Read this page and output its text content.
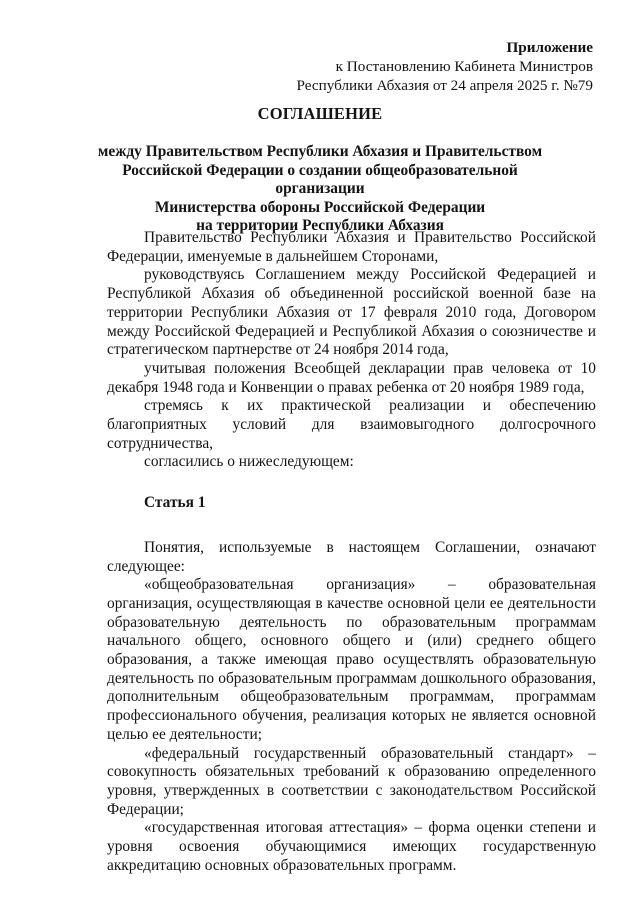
Приложение
к Постановлению Кабинета Министров
Республики Абхазия от 24 апреля 2025 г. №79
СОГЛАШЕНИЕ
между Правительством Республики Абхазия и Правительством
Российской Федерации о создании общеобразовательной организации
Министерства обороны Российской Федерации
на территории Республики Абхазия

Правительство Республики Абхазия и Правительство Российской Федерации, именуемые в дальнейшем Сторонами,

руководствуясь Соглашением между Российской Федерацией и Республикой Абхазия об объединенной российской военной базе на территории Республики Абхазия от 17 февраля 2010 года, Договором между Российской Федерацией и Республикой Абхазия о союзничестве и стратегическом партнерстве от 24 ноября 2014 года,

учитывая положения Всеобщей декларации прав человека от 10 декабря 1948 года и Конвенции о правах ребенка от 20 ноября 1989 года,

стремясь к их практической реализации и обеспечению
благоприятных условий для взаимовыгодного долгосрочного
сотрудничества,

согласились о нижеследующем:

Статья 1

Понятия, используемые в настоящем Соглашении, означают следующее:

«общеобразовательная организация» – образовательная организация, осуществляющая в качестве основной цели ее деятельности образовательную деятельность по образовательным программам начального общего, основного общего и (или) среднего общего образования, а также имеющая право осуществлять образовательную деятельность по образовательным программам дошкольного образования, дополнительным общеобразовательным программам, программам профессионального обучения, реализация которых не является основной целью ее деятельности;

«федеральный государственный образовательный стандарт» – совокупность обязательных требований к образованию определенного уровня, утвержденных в соответствии с законодательством Российской Федерации;

«государственная итоговая аттестация» – форма оценки степени и уровня освоения обучающимися имеющих государственную аккредитацию основных образовательных программ.
